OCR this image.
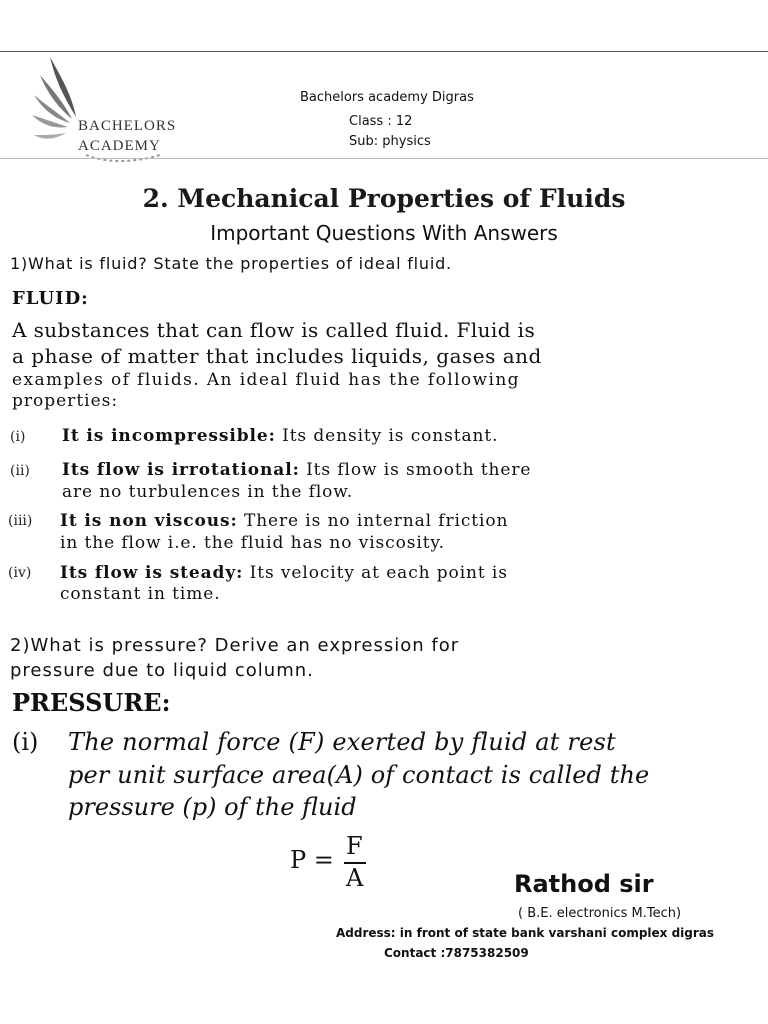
BACHELORS
ACADEMY
Bachelors academy Digras
Class : 12
Sub: physics
2. Mechanical Properties of Fluids
Important Questions With Answers
1)What is fluid? State the properties of ideal fluid.
FLUID:
A substances that can flow is called fluid. Fluid is
a phase of matter that includes liquids, gases and
examples of fluids. An ideal fluid has the following
properties:
(i) It is incompressible: Its density is constant.
(ii) Its flow is irrotational: Its flow is smooth there
are no turbulences in the flow.
(iii) It is non viscous: There is no internal friction
in the flow i.e. the fluid has no viscosity.
(iv) Its flow is steady: Its velocity at each point is
constant in time.
2)What is pressure? Derive an expression for
pressure due to liquid column.
PRESSURE:
(i) The normal force (F) exerted by fluid at rest
per unit surface area(A) of contact is called the
pressure (p) of the fluid
P = F
A	Rathod sir
( B.E. electronics M.Tech)
Address: in front of state bank varshani complex digras
Contact :7875382509
